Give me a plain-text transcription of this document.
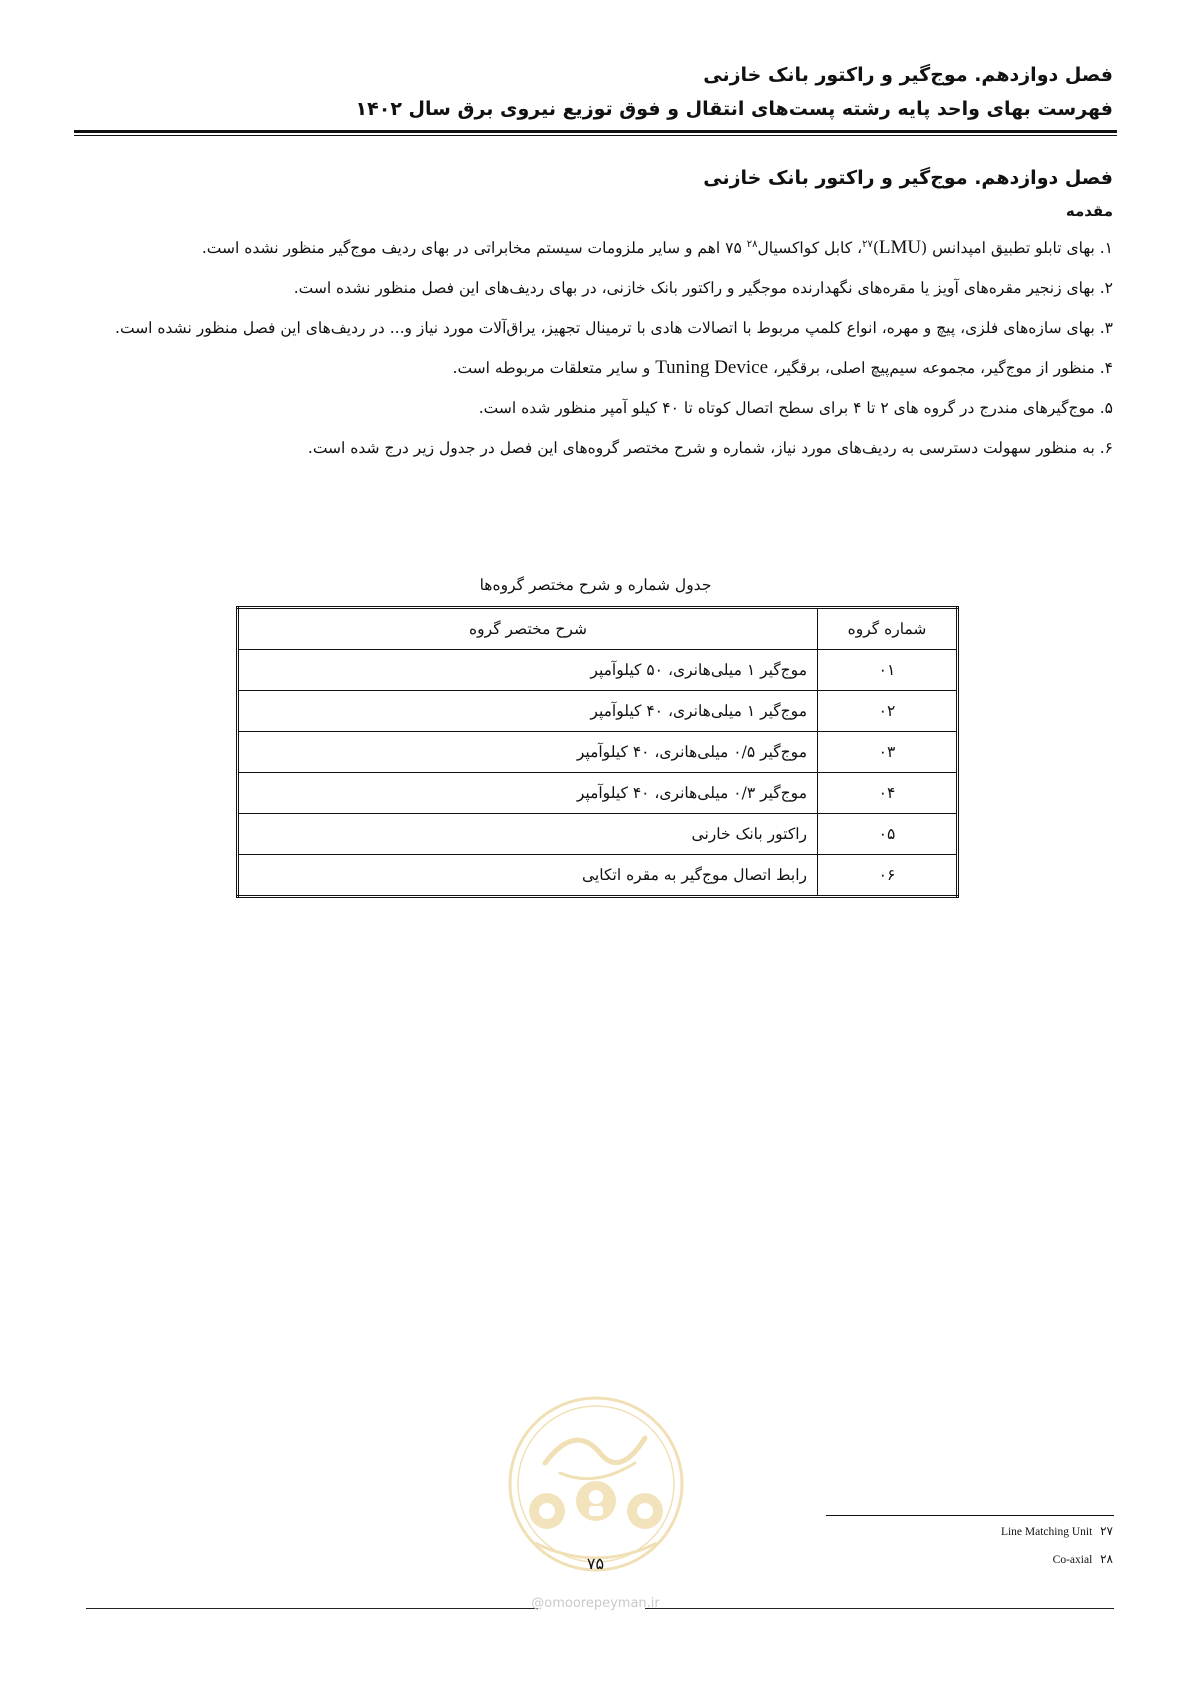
فصل دوازدهم. موج‌گیر و راکتور بانک خازنی
فهرست بهای واحد پایه رشته پست‌های انتقال و فوق توزیع نیروی برق سال ۱۴۰۲

فصل دوازدهم. موج‌گیر و راکتور بانک خازنی

مقدمه

۱. بهای تابلو تطبیق امپدانس (LMU)$^{۲۷}$، کابل کواکسیال$^{۲۸}$ ۷۵ اهم و سایر ملزومات سیستم مخابراتی در بهای ردیف موج‌گیر منظور نشده است.

۲. بهای زنجیر مقره‌های آویز یا مقره‌های نگهدارنده موجگیر و راکتور بانک خازنی، در بهای ردیف‌های این فصل منظور نشده است.

۳. بهای سازه‌های فلزی، پیچ و مهره، انواع کلمپ مربوط با اتصالات هادی با ترمینال تجهیز، یراق‌آلات مورد نیاز و... در ردیف‌های این فصل منظور نشده است.

۴. منظور از موج‌گیر، مجموعه سیم‌پیچ اصلی، برقگیر، Tuning Device و سایر متعلقات مربوطه است.

۵. موج‌گیرهای مندرج در گروه های ۲ تا ۴ برای سطح اتصال کوتاه تا ۴۰ کیلو آمپر منظور شده است.

۶. به منظور سهولت دسترسی به ردیف‌های مورد نیاز، شماره و شرح مختصر گروه‌های این فصل در جدول زیر درج شده است.

جدول شماره و شرح مختصر گروه‌ها
شماره گروه	شرح مختصر گروه
۰۱	موج‌گیر ۱ میلی‌هانری، ۵۰ کیلوآمپر
۰۲	موج‌گیر ۱ میلی‌هانری، ۴۰ کیلوآمپر
۰۳	موج‌گیر ۰/۵ میلی‌هانری، ۴۰ کیلوآمپر
۰۴	موج‌گیر ۰/۳ میلی‌هانری، ۴۰ کیلوآمپر
۰۵	راکتور بانک خارنی
۰۶	رابط اتصال موج‌گیر به مقره اتکایی
۲۷ Line Matching Unit
۲۸ Co-axial
۷۵
@omoorepeyman.ir
